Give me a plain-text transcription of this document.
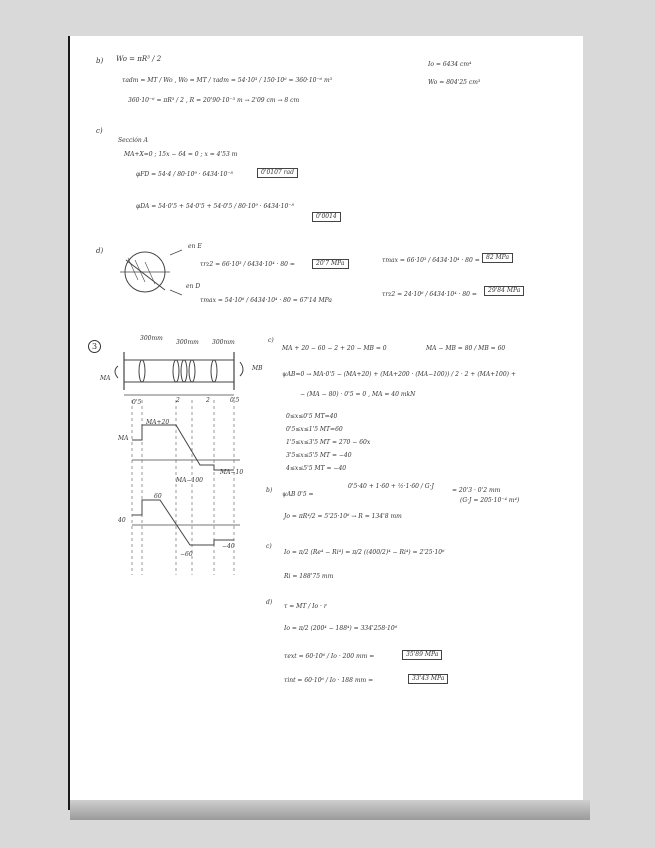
b) Wo = πR³ / 2
τadm = MT / Wo , Wo = MT / τadm = 54·10³ / 150·10⁶ = 360·10⁻⁶ m³
360·10⁻⁶ = πR³ / 2 , R = 20'90·10⁻³ m → 2'09 cm → 8 cm
Io = 6434 cm⁴
Wo = 804'25 cm³
c)
Sección A
MA+X=0 ; 15x − 64 = 0 ; x = 4'53 m
φFD = 54·4 / 80·10⁹ · 6434·10⁻⁸	0'0107 rad
φDA = 54·0'5 + 54·0'5 + 54·0'5 / 80·10⁹ · 6434·10⁻⁸
0'0014
d)
en E
en D
τrz2 = 66·10³ / 6434·10⁴ · 80 =	20'7 MPa	τmax = 66·10³ / 6434·10⁴ · 80 =	82 MPa
τmax = 54·10⁶ / 6434·10⁴ · 80 = 67'14 MPa
τrz2 = 24·10⁶ / 6434·10⁴ · 80 =
29'84 MPa
3
300mm
300mm 300mm
MA
MB
0'5	2	2	0'5
MA+20
MA
MA−100
MA−10
60
40
−40
−60
c)
MA + 20 − 60 − 2 + 20 − MB = 0	MA − MB = 80 / MB = 60
ψAB=0 → MA·0'5 − (MA+20) + (MA+200 · (MA−100)) / 2 · 2 + (MA+100) +
− (MA − 80) · 0'5 = 0 , MA = 40 mkN
0≤x≤0'5 MT=40
0'5≤x≤1'5 MT=60
1'5≤x≤3'5 MT = 270 − 60x
3'5≤x≤5'5 MT = −40
4≤x≤5'5 MT = −40
b)
ψAB 0'5 =
0'5·40 + 1·60 + ½·1·60 / G·J
= 20'3 · 0'2 mm
(G·J = 205·10⁻⁴ m⁴)
Jo = πR⁴/2 = 5'25·10⁶ → R = 134'8 mm
c)
Io = π/2 (Re⁴ − Ri⁴) = π/2 ((400/2)⁴ − Ri⁴) = 2'25·10⁶
Ri = 188'75 mm
d)
τ = MT / Io · r
Io = π/2 (200⁴ − 188⁴) = 334'258·10⁶
τext = 60·10⁶ / Io · 200 mm =	35'89 MPa
τint = 60·10⁶ / Io · 188 mm =	33'43 MPa
